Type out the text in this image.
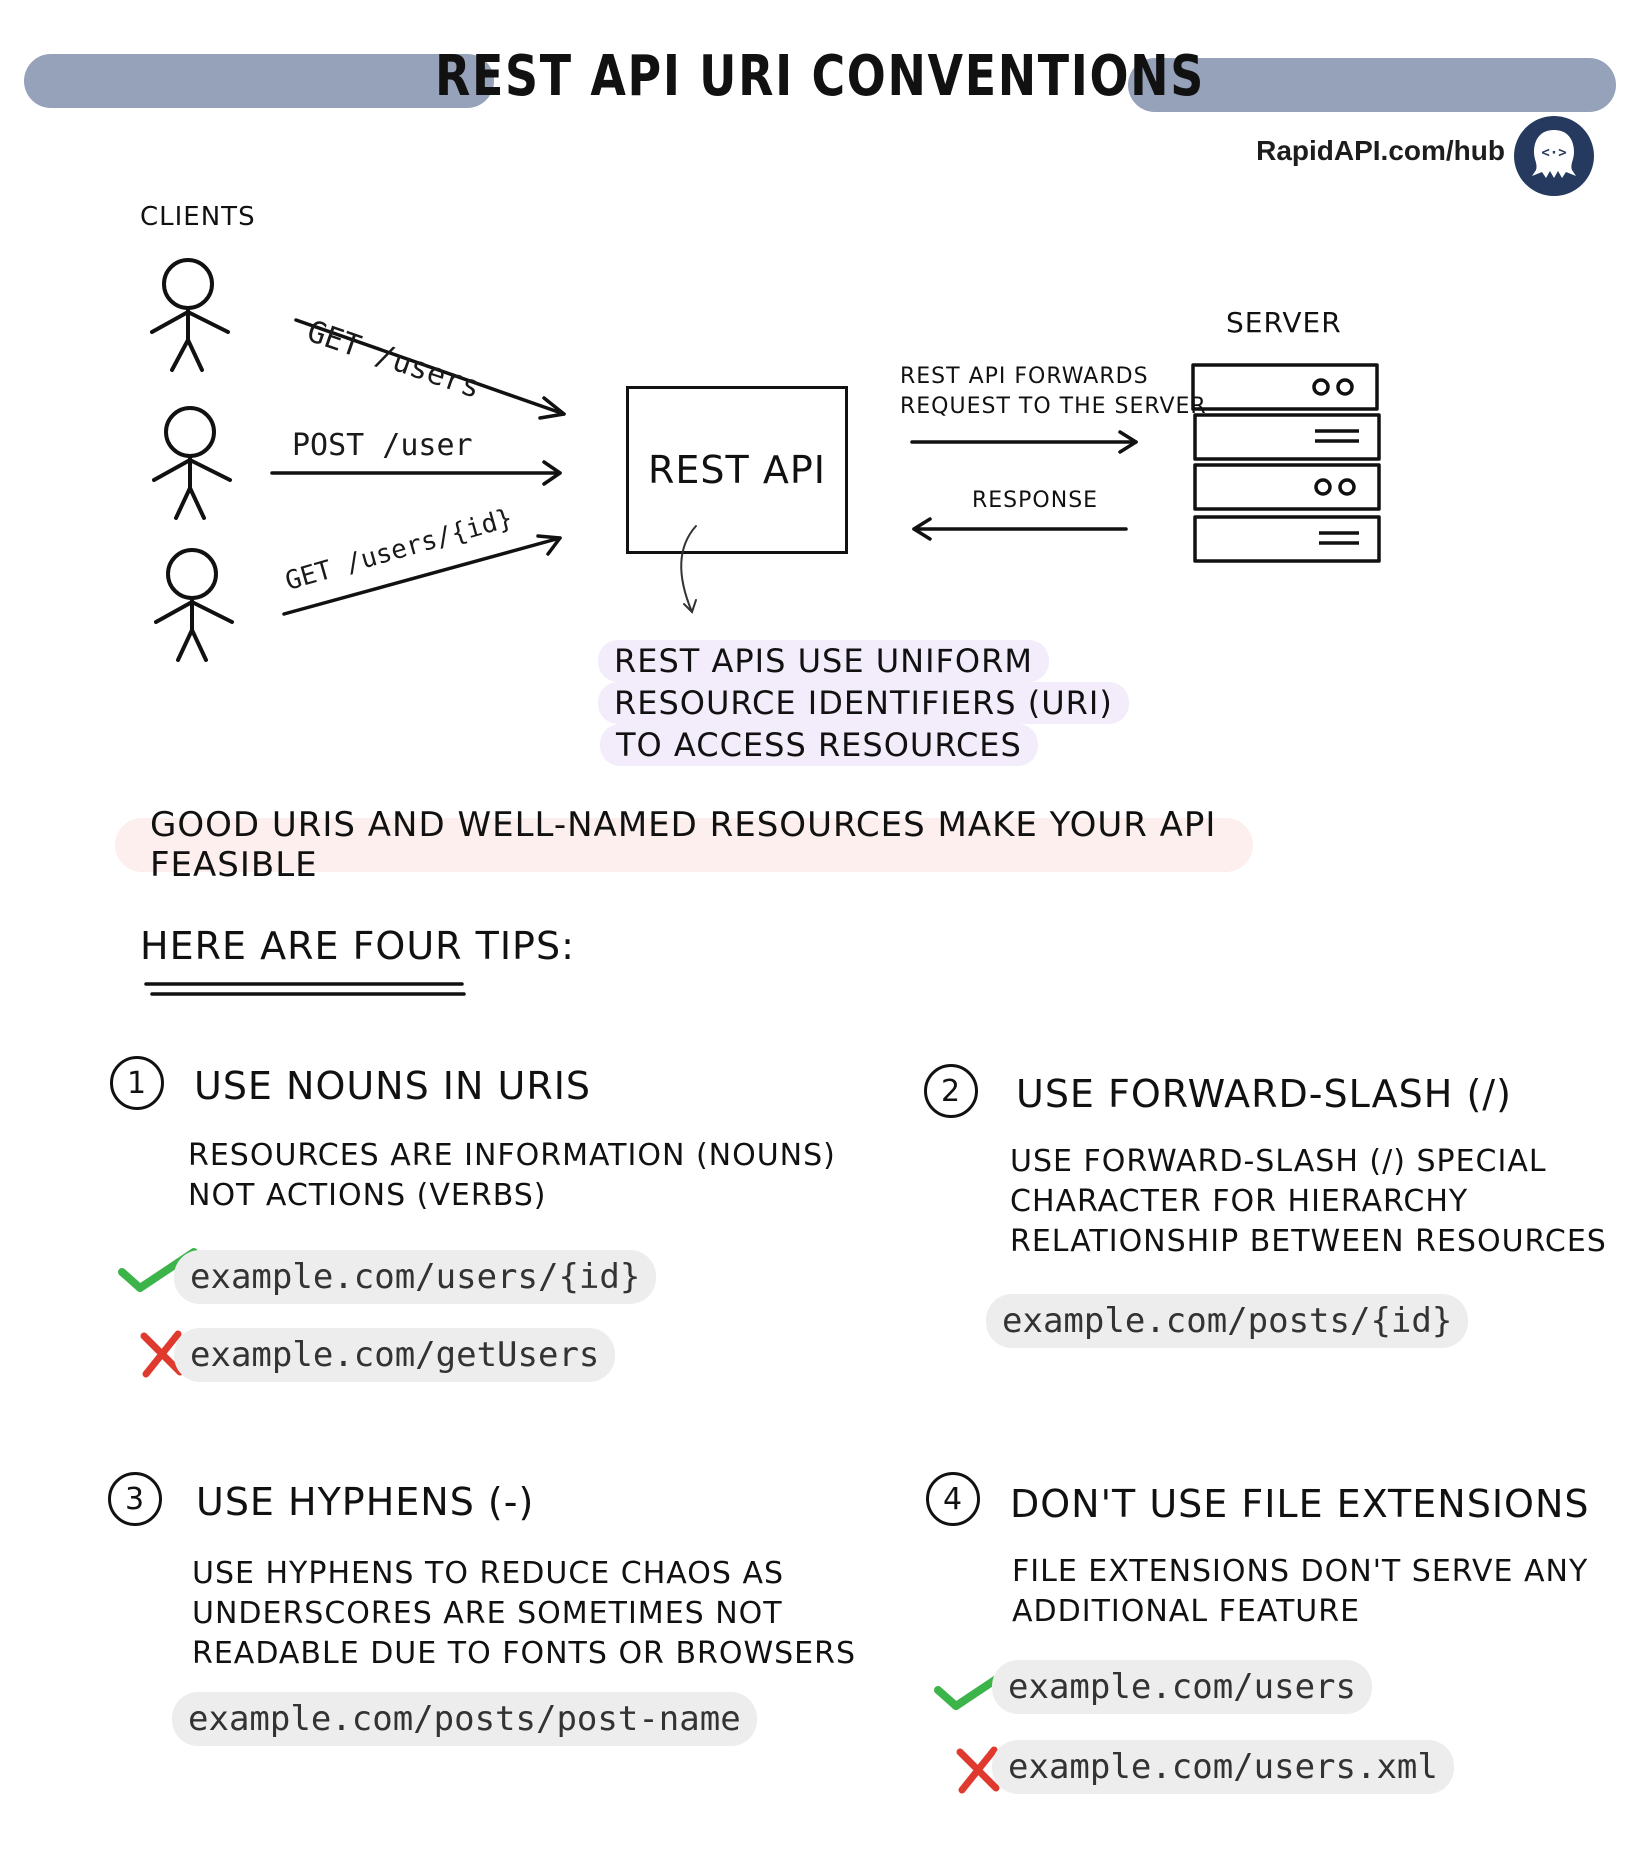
REST API URI CONVENTIONS
RapidAPI.com/hub	<·>
CLIENTS
GET /users
POST /user
GET /users/{id}
REST API
REST API FORWARDS
REQUEST TO THE SERVER
RESPONSE
SERVER
REST APIS USE UNIFORM
RESOURCE IDENTIFIERS (URI)
TO ACCESS RESOURCES
GOOD URIS AND WELL-NAMED RESOURCES MAKE YOUR API FEASIBLE
HERE ARE FOUR TIPS:
1 USE NOUNS IN URIS
RESOURCES ARE INFORMATION (NOUNS)
NOT ACTIONS (VERBS)
example.com/users/{id}
example.com/getUsers
2 USE FORWARD-SLASH (/)
USE FORWARD-SLASH (/) SPECIAL
CHARACTER FOR HIERARCHY
RELATIONSHIP BETWEEN RESOURCES
example.com/posts/{id}
3 USE HYPHENS (-)
USE HYPHENS TO REDUCE CHAOS AS
UNDERSCORES ARE SOMETIMES NOT
READABLE DUE TO FONTS OR BROWSERS
example.com/posts/post-name
4 DON'T USE FILE EXTENSIONS
FILE EXTENSIONS DON'T SERVE ANY
ADDITIONAL FEATURE
example.com/users
example.com/users.xml
